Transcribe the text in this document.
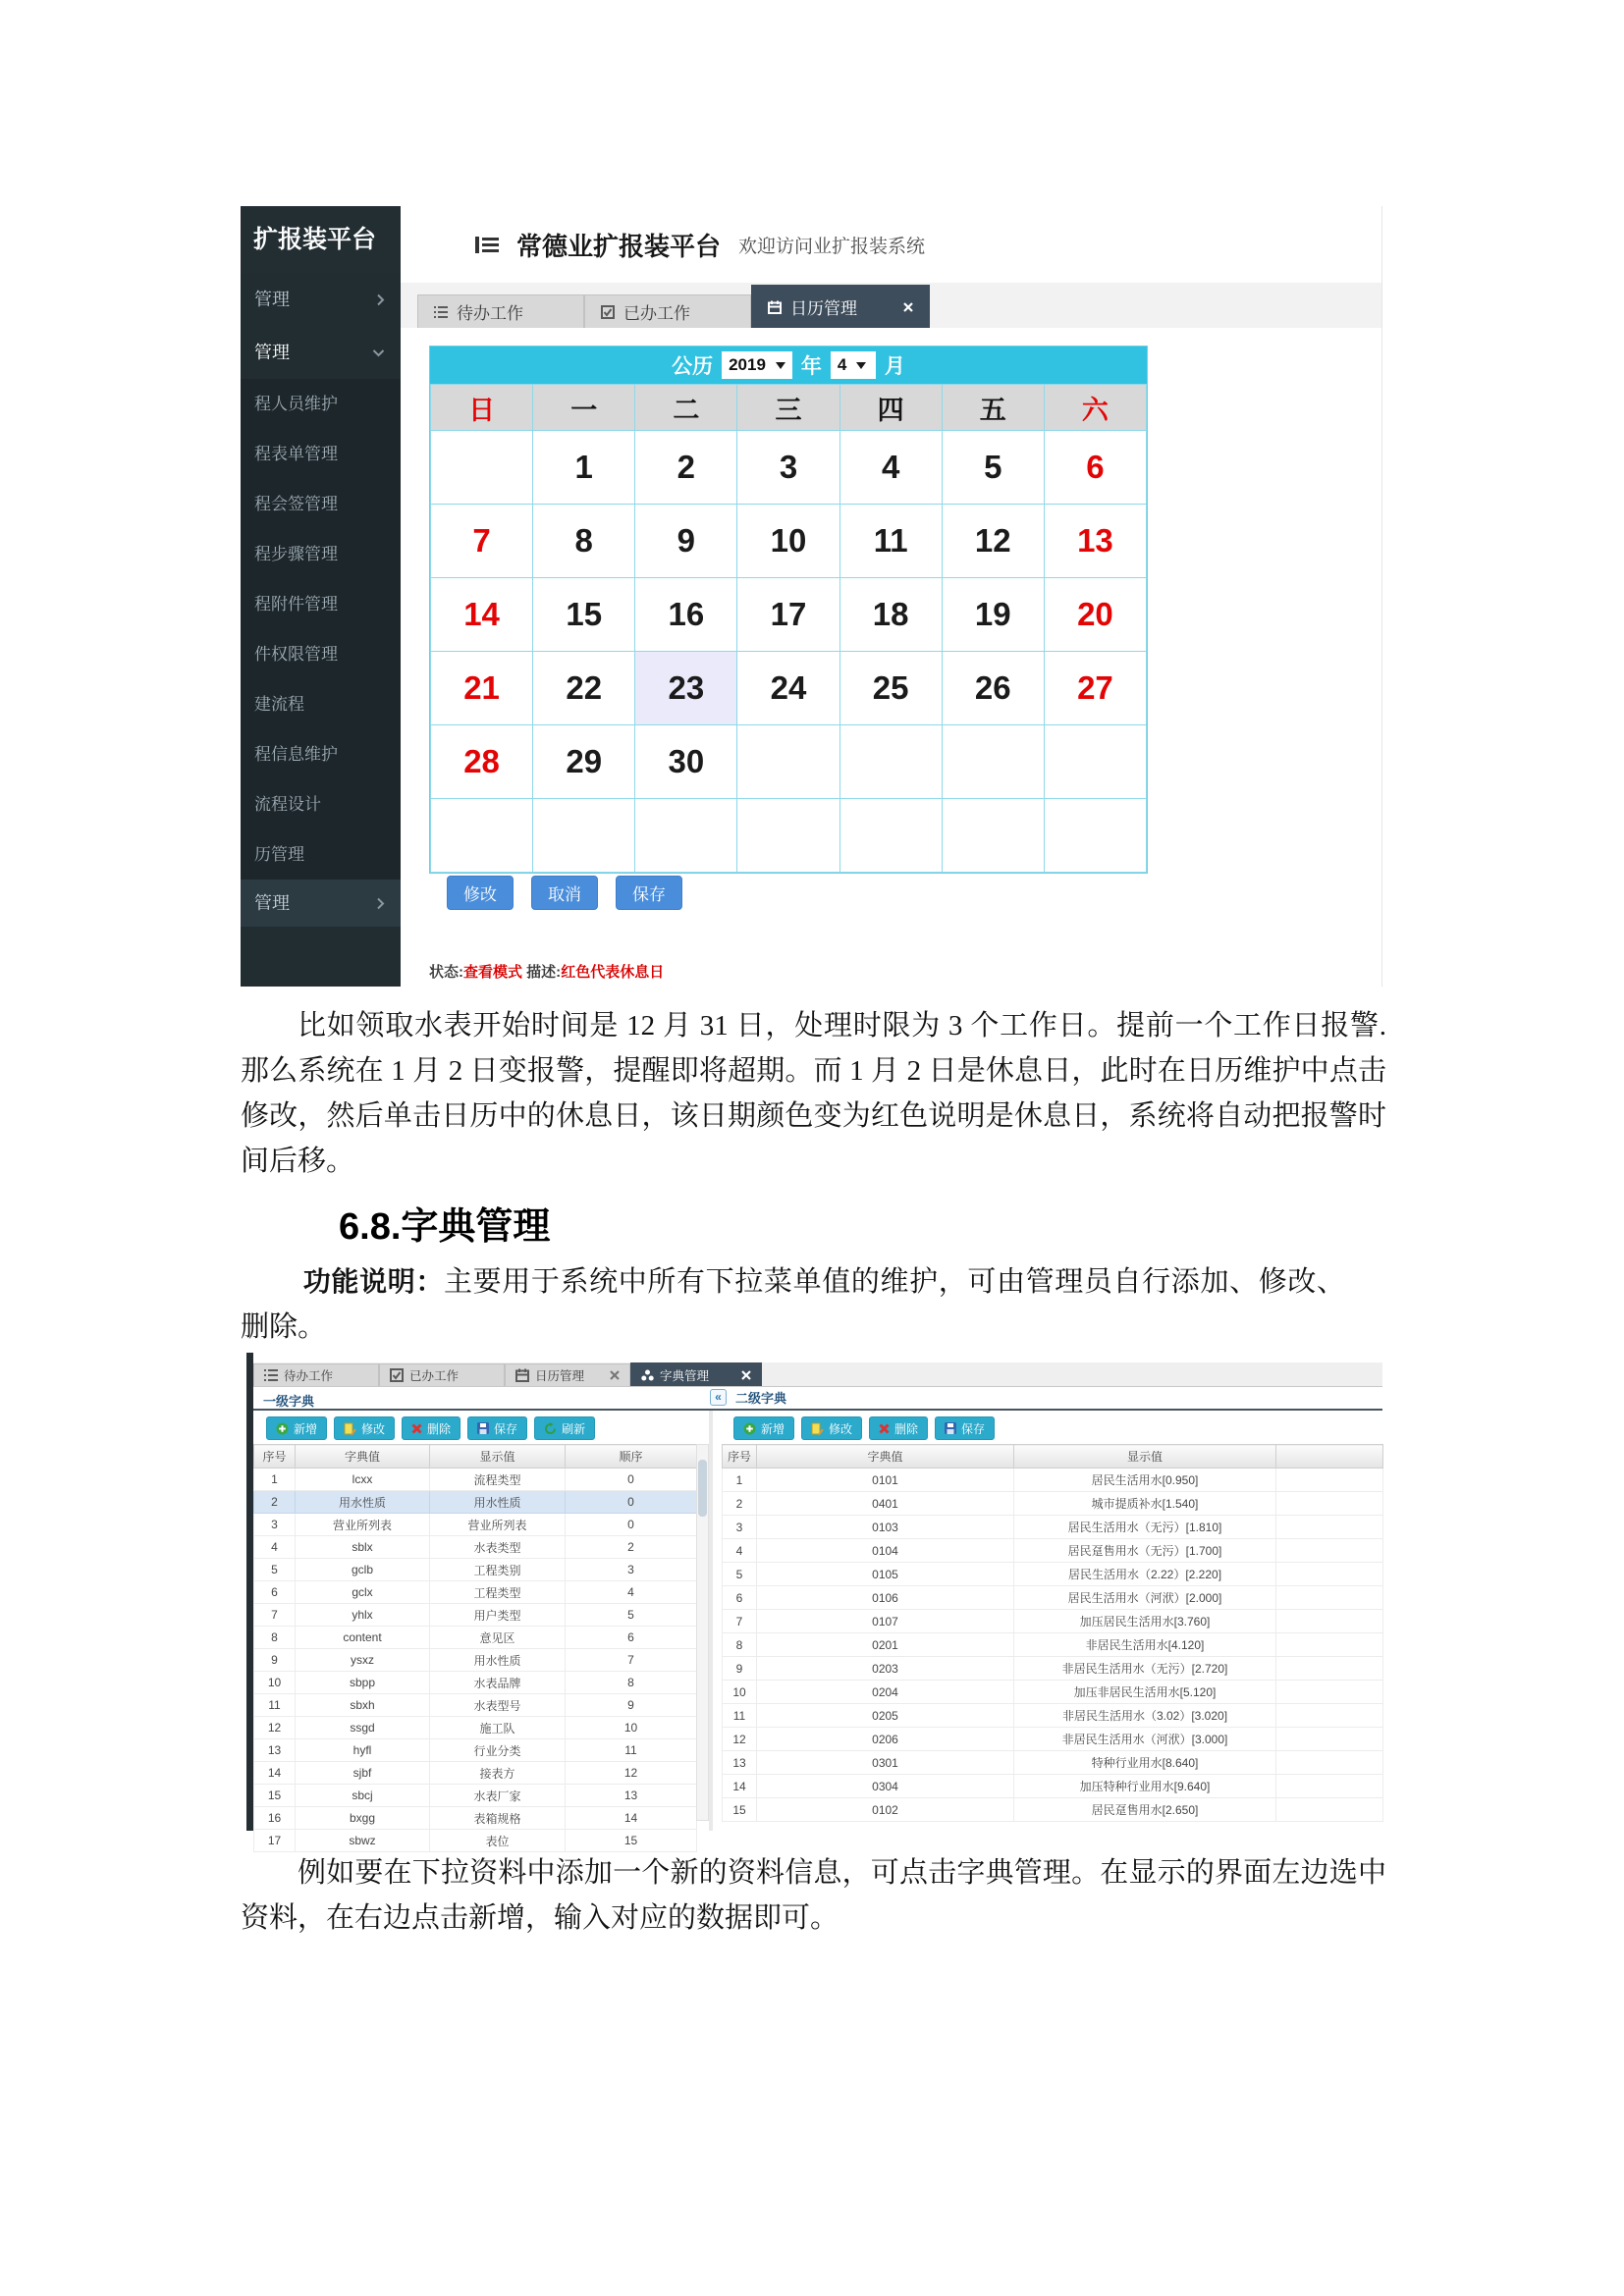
扩报装平台
管理
管理
程人员维护
程表单管理
程会签管理
程步骤管理
程附件管理
件权限管理
建流程
程信息维护
流程设计
历管理
管理
常德业扩报装平台 欢迎访问业扩报装系统
待办工作	已办工作	日历管理
公历 2019 年 4 月
日	一	二	三	四	五	六
	1	2	3	4	5	6
7	8	9	10	11	12	13
14	15	16	17	18	19	20
21	22	23	24	25	26	27
28	29	30				

修改	取消	保存
状态:查看模式 描述:红色代表休息日

比如领取水表开始时间是 12 月 31 日，处理时限为 3 个工作日。提前一个工作日报警. 那么系统在 1 月 2 日变报警，提醒即将超期。而 1 月 2 日是休息日，此时在日历维护中点击修改，然后单击日历中的休息日，该日期颜色变为红色说明是休息日，系统将自动把报警时间后移。

6.8.字典管理

功能说明：主要用于系统中所有下拉菜单值的维护，可由管理员自行添加、修改、删除。

待办工作	已办工作	日历管理	字典管理
一级字典	«	二级字典
新增	修改	删除	保存	刷新
序号	字典值	显示值	顺序
1	lcxx	流程类型	0
2	用水性质	用水性质	0
3	营业所列表	营业所列表	0
4	sblx	水表类型	2
5	gclb	工程类别	3
6	gclx	工程类型	4
7	yhlx	用户类型	5
8	content	意见区	6
9	ysxz	用水性质	7
10	sbpp	水表品牌	8
11	sbxh	水表型号	9
12	ssgd	施工队	10
13	hyfl	行业分类	11
14	sjbf	接表方	12
15	sbcj	水表厂家	13
16	bxgg	表箱规格	14
17	sbwz	表位	15
新增	修改	删除	保存
序号	字典值	显示值	
1	0101	居民生活用水[0.950]	
2	0401	城市提质补水[1.540]	
3	0103	居民生活用水（无污）[1.810]	
4	0104	居民趸售用水（无污）[1.700]	
5	0105	居民生活用水（2.22）[2.220]	
6	0106	居民生活用水（河洑）[2.000]	
7	0107	加压居民生活用水[3.760]	
8	0201	非居民生活用水[4.120]	
9	0203	非居民生活用水（无污）[2.720]	
10	0204	加压非居民生活用水[5.120]	
11	0205	非居民生活用水（3.02）[3.020]	
12	0206	非居民生活用水（河洑）[3.000]	
13	0301	特种行业用水[8.640]	
14	0304	加压特种行业用水[9.640]	
15	0102	居民趸售用水[2.650]	

例如要在下拉资料中添加一个新的资料信息，可点击字典管理。在显示的界面左边选中资料，在右边点击新增，输入对应的数据即可。
